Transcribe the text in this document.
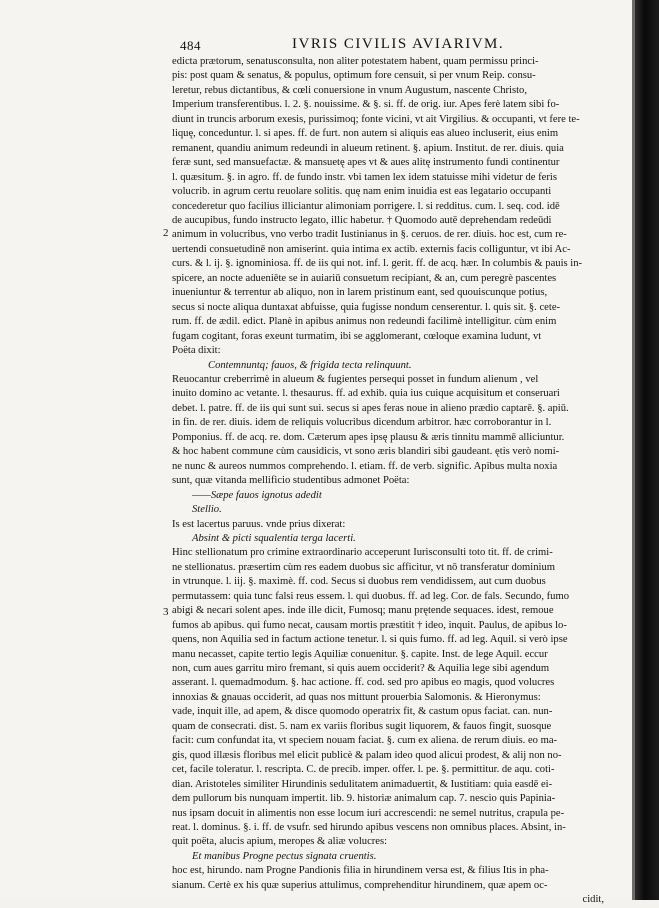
484	IVRIS CIVILIS AVIARIVM.
2
3
edicta prætorum, senatusconsulta, non aliter potestatem habent, quam permissu princi-
pis: post quam & senatus, & populus, optimum fore censuit, si per vnum Reip. consu-
leretur, rebus dictantibus, & cœli conuersione in vnum Augustum, nascente Christo,
Imperium transferentibus. l. 2. §. nouissime. & §. si. ff. de orig. iur. Apes ferè latem sibi fo-
diunt in truncis arborum exesis, purissimoq; fonte vicini, vt ait Virgilius. & occupanti, vt fere te-
liquę, conceduntur. l. si apes. ff. de furt. non autem si aliquis eas alueo incluserit, eius enim
remanent, quandiu animum redeundi in alueum retinent. §. apium. Institut. de rer. diuis. quia
feræ sunt, sed mansuefactæ. & mansuetę apes vt & aues alitę instrumento fundi continentur
l. quæsitum. §. in agro. ff. de fundo instr. vbi tamen lex idem statuisse mihi videtur de feris
volucrib. in agrum certu reuolare solitis. quę nam enim inuidia est eas legatario occupanti
concederetur quo facilius illiciantur alimoniam porrigere. l. si redditus. cum. l. seq. cod. idē
de aucupibus, fundo instructo legato, illic habetur. † Quomodo autē deprehendam redeūdi
animum in volucribus, vno verbo tradit Iustinianus in §. ceruos. de rer. diuis. hoc est, cum re-
uertendi consuetudinē non amiserint. quia intima ex actib. externis facis colliguntur, vt ibi Ac-
curs. & l. ij. §. ignominiosa. ff. de iis qui not. inf. l. gerit. ff. de acq. hær. In columbis & pauis in-
spicere, an nocte adueniēte se in auiariū consuetum recipiant, & an, cum peregrè pascentes
inueniuntur & terrentur ab aliquo, non in larem pristinum eant, sed quouiscunque potius,
secus si nocte aliqua duntaxat abfuisse, quia fugisse nondum censerentur. l. quis sit. §. cete-
rum. ff. de ædil. edict. Planè in apibus animus non redeundi facilimè intelligitur. cùm enim
fugam cogitant, foras exeunt turmatim, ibi se agglomerant, cœloque examina ludunt, vt
Poëta dixit:
Contemnuntq; fauos, & frigida tecta relinquunt.
Reuocantur creberrimè in alueum & fugientes persequi posset in fundum alienum , vel
inuito domino ac vetante. l. thesaurus. ff. ad exhib. quia ius cuique acquisitum et conseruari
debet. l. patre. ff. de iis qui sunt sui. secus si apes feras noue in alieno prædio captarē. §. apiū.
in fin. de rer. diuis. idem de reliquis volucribus dicendum arbitror. hæc corroborantur in l.
Pomponius. ff. de acq. re. dom. Cæterum apes ipsę plausu & æris tinnitu mammē alliciuntur.
& hoc habent commune cùm causidicis, vt sono æris blandiri sibi gaudeant. ętis verò nomi-
ne nunc & aureos nummos comprehendo. l. etiam. ff. de verb. signific. Apibus multa noxia
sunt, quæ vitanda mellificio studentibus admonet Poëta:
——Sæpe fauos ignotus adedit
Stellio.
Is est lacertus paruus. vnde prius dixerat:
Absint & picti squalentia terga lacerti.
Hinc stellionatum pro crimine extraordinario acceperunt Iurisconsulti toto tit. ff. de crimi-
ne stellionatus. præsertim cùm res eadem duobus sic afficitur, vt nō transferatur dominium
in vtrunque. l. iij. §. maximè. ff. cod. Secus si duobus rem vendidissem, aut cum duobus
permutassem: quia tunc falsi reus essem. l. qui duobus. ff. ad leg. Cor. de fals. Secundo, fumo
abigi & necari solent apes. inde ille dicit, Fumosq; manu prętende sequaces. idest, remoue
fumos ab apibus. qui fumo necat, causam mortis præstitit † ideo, inquit. Paulus, de apibus lo-
quens, non Aquilia sed in factum actione tenetur. l. si quis fumo. ff. ad leg. Aquil. si verò ipse
manu necasset, capite tertio legis Aquiliæ conuenitur. §. capite. Inst. de lege Aquil. eccur
non, cum aues garritu miro fremant, si quis auem occiderit? & Aquilia lege sibi agendum
asserant. l. quemadmodum. §. hac actione. ff. cod. sed pro apibus eo magis, quod volucres
innoxias & gnauas occiderit, ad quas nos mittunt prouerbia Salomonis. & Hieronymus:
vade, inquit ille, ad apem, & disce quomodo operatrix fit, & castum opus faciat. can. nun-
quam de consecrati. dist. 5. nam ex variis floribus sugit liquorem, & fauos fingit, suosque
facit: cum confundat ita, vt speciem nouam faciat. §. cum ex aliena. de rerum diuis. eo ma-
gis, quod illæsis floribus mel elicit publicè & palam ideo quod alicui prodest, & alij non no-
cet, facile toleratur. l. rescripta. C. de precib. imper. offer. l. pe. §. permittitur. de aqu. coti-
dian. Aristoteles similiter Hirundinis sedulitatem animaduertit, & Iustitiam: quia easdē ei-
dem pullorum bis nunquam impertit. lib. 9. historiæ animalum cap. 7. nescio quis Papinia-
nus ipsam docuit in alimentis non esse locum iuri accrescendi: ne semel nutritus, crapula pe-
reat. l. dominus. §. i. ff. de vsufr. sed hirundo apibus vescens non omnibus places. Absint, in-
quit poëta, alucis apium, meropes & aliæ volucres:
Et manibus Progne pectus signata cruentis.
hoc est, hirundo. nam Progne Pandionis filia in hirundinem versa est, & filius Itis in pha-
sianum. Certè ex his quæ superius attulimus, comprehenditur hirundinem, quæ apem oc-
cidit,
